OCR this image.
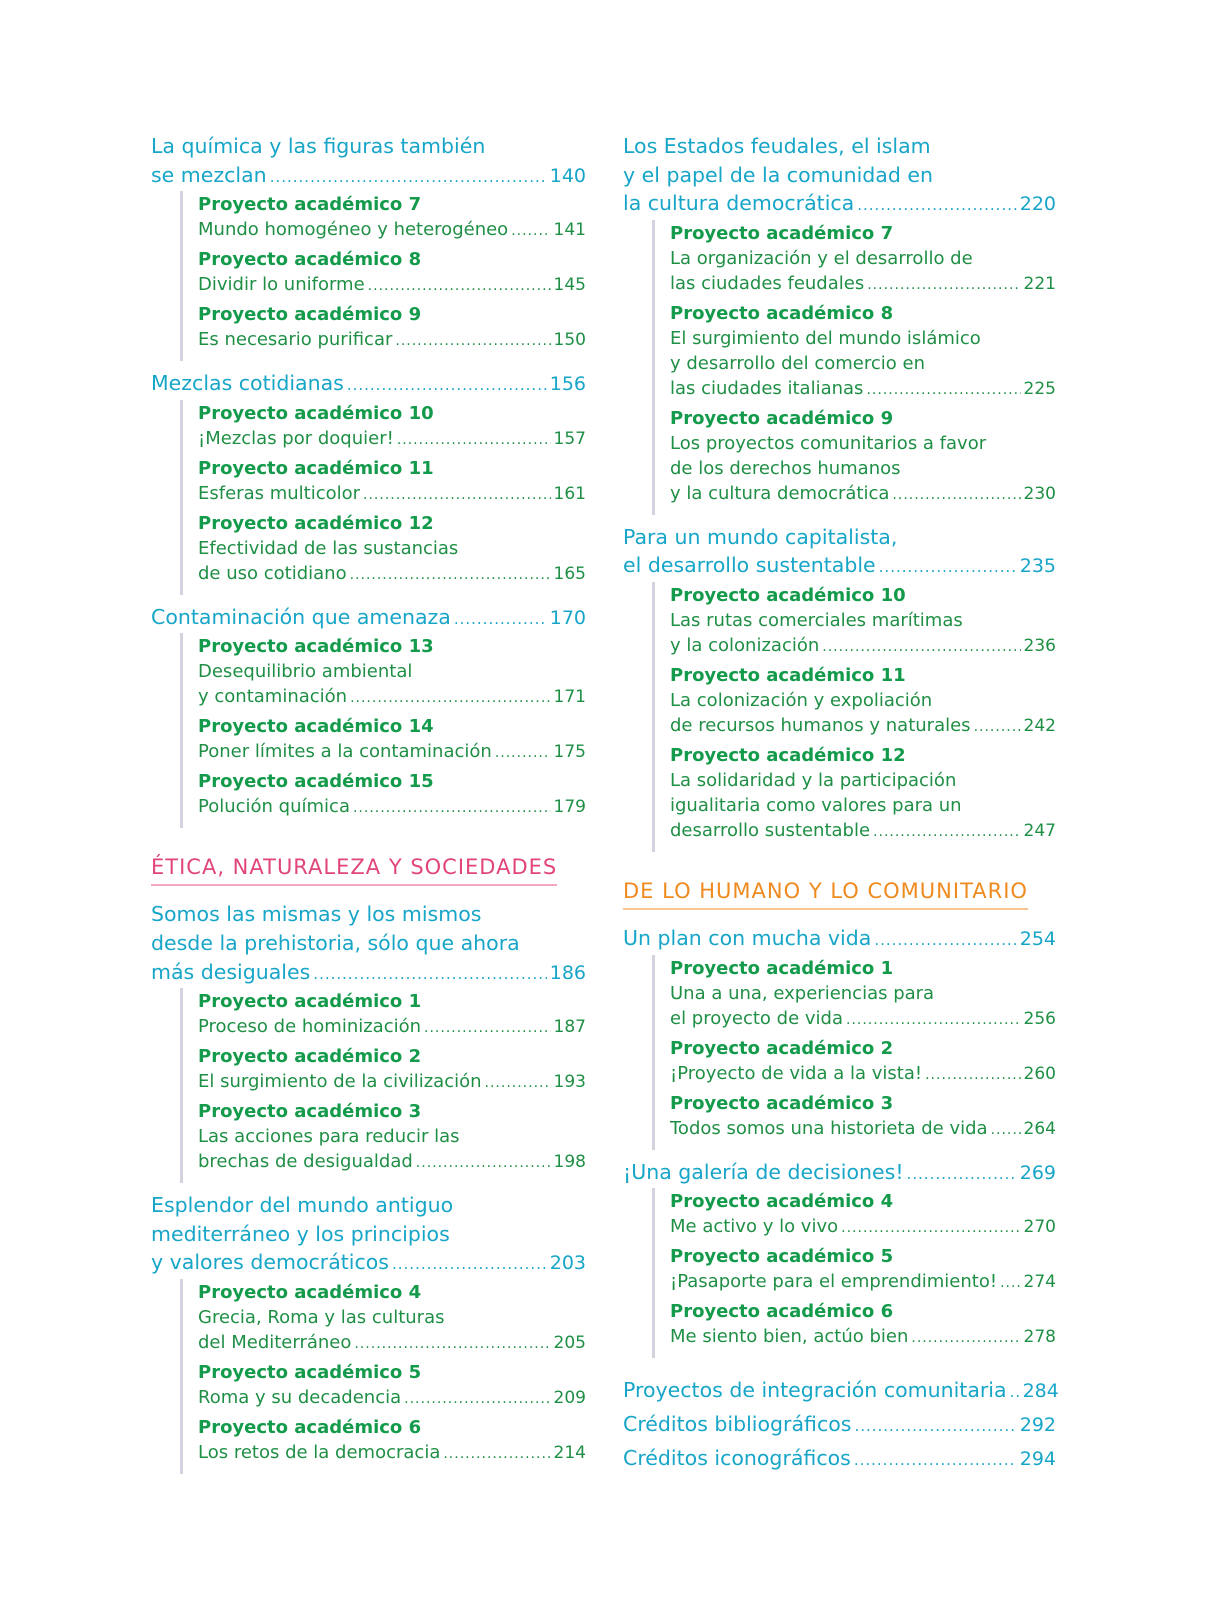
La química y las figuras también
se mezclan .....	140
Proyecto académico 7
Mundo homogéneo y heterogéneo .....	141
Proyecto académico 8
Dividir lo uniforme .....	145
Proyecto académico 9
Es necesario purificar .....	150
Mezclas cotidianas .....	156
Proyecto académico 10
¡Mezclas por doquier! .....	157
Proyecto académico 11
Esferas multicolor .....	161
Proyecto académico 12
Efectividad de las sustancias
de uso cotidiano .....	165
Contaminación que amenaza .....	170
Proyecto académico 13
Desequilibrio ambiental
y contaminación .....	171
Proyecto académico 14
Poner límites a la contaminación .....	175
Proyecto académico 15
Polución química .....	179
ÉTICA, NATURALEZA Y SOCIEDADES
Somos las mismas y los mismos
desde la prehistoria, sólo que ahora
más desiguales .....	186
Proyecto académico 1
Proceso de hominización .....	187
Proyecto académico 2
El surgimiento de la civilización .....	193
Proyecto académico 3
Las acciones para reducir las
brechas de desigualdad .....	198
Esplendor del mundo antiguo
mediterráneo y los principios
y valores democráticos .....	203
Proyecto académico 4
Grecia, Roma y las culturas
del Mediterráneo .....	205
Proyecto académico 5
Roma y su decadencia .....	209
Proyecto académico 6
Los retos de la democracia .....	214
Los Estados feudales, el islam
y el papel de la comunidad en
la cultura democrática .....	220
Proyecto académico 7
La organización y el desarrollo de
las ciudades feudales .....	221
Proyecto académico 8
El surgimiento del mundo islámico
y desarrollo del comercio en
las ciudades italianas .....	225
Proyecto académico 9
Los proyectos comunitarios a favor
de los derechos humanos
y la cultura democrática .....	230
Para un mundo capitalista,
el desarrollo sustentable .....	235
Proyecto académico 10
Las rutas comerciales marítimas
y la colonización .....	236
Proyecto académico 11
La colonización y expoliación
de recursos humanos y naturales .....	242
Proyecto académico 12
La solidaridad y la participación
igualitaria como valores para un
desarrollo sustentable .....	247
DE LO HUMANO Y LO COMUNITARIO
Un plan con mucha vida .....	254
Proyecto académico 1
Una a una, experiencias para
el proyecto de vida .....	256
Proyecto académico 2
¡Proyecto de vida a la vista! .....	260
Proyecto académico 3
Todos somos una historieta de vida ..... 264
¡Una galería de decisiones! .....	269
Proyecto académico 4
Me activo y lo vivo .....	270
Proyecto académico 5
¡Pasaporte para el emprendimiento! ..... 274
Proyecto académico 6
Me siento bien, actúo bien .....	278
Proyectos de integración comunitaria ..... 284
Créditos bibliográficos .....	292
Créditos iconográficos .....	294
